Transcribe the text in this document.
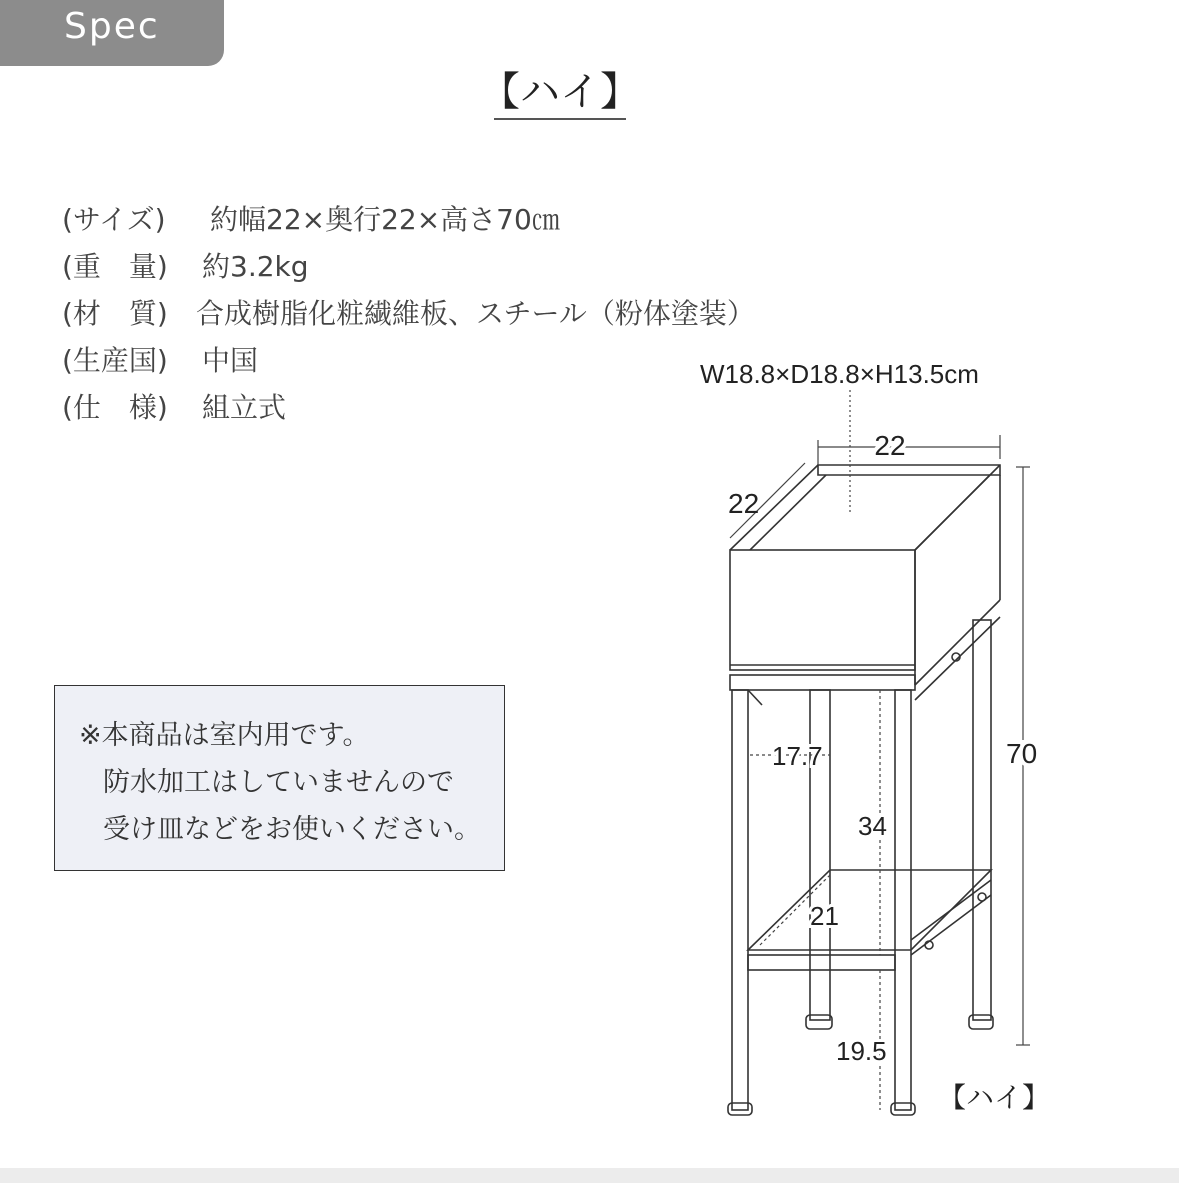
Spec
【ハイ】
(サイズ) 約幅22×奥行22×高さ70㎝
(重　量) 約3.2kg
(材　質) 合成樹脂化粧繊維板、スチール（粉体塗装）
(生産国) 中国
(仕　様) 組立式
※本商品は室内用です。
防水加工はしていませんので
受け皿などをお使いください。
W18.8×D18.8×H13.5cm
22
22
70
17.7
34
21
19.5
【ハイ】
